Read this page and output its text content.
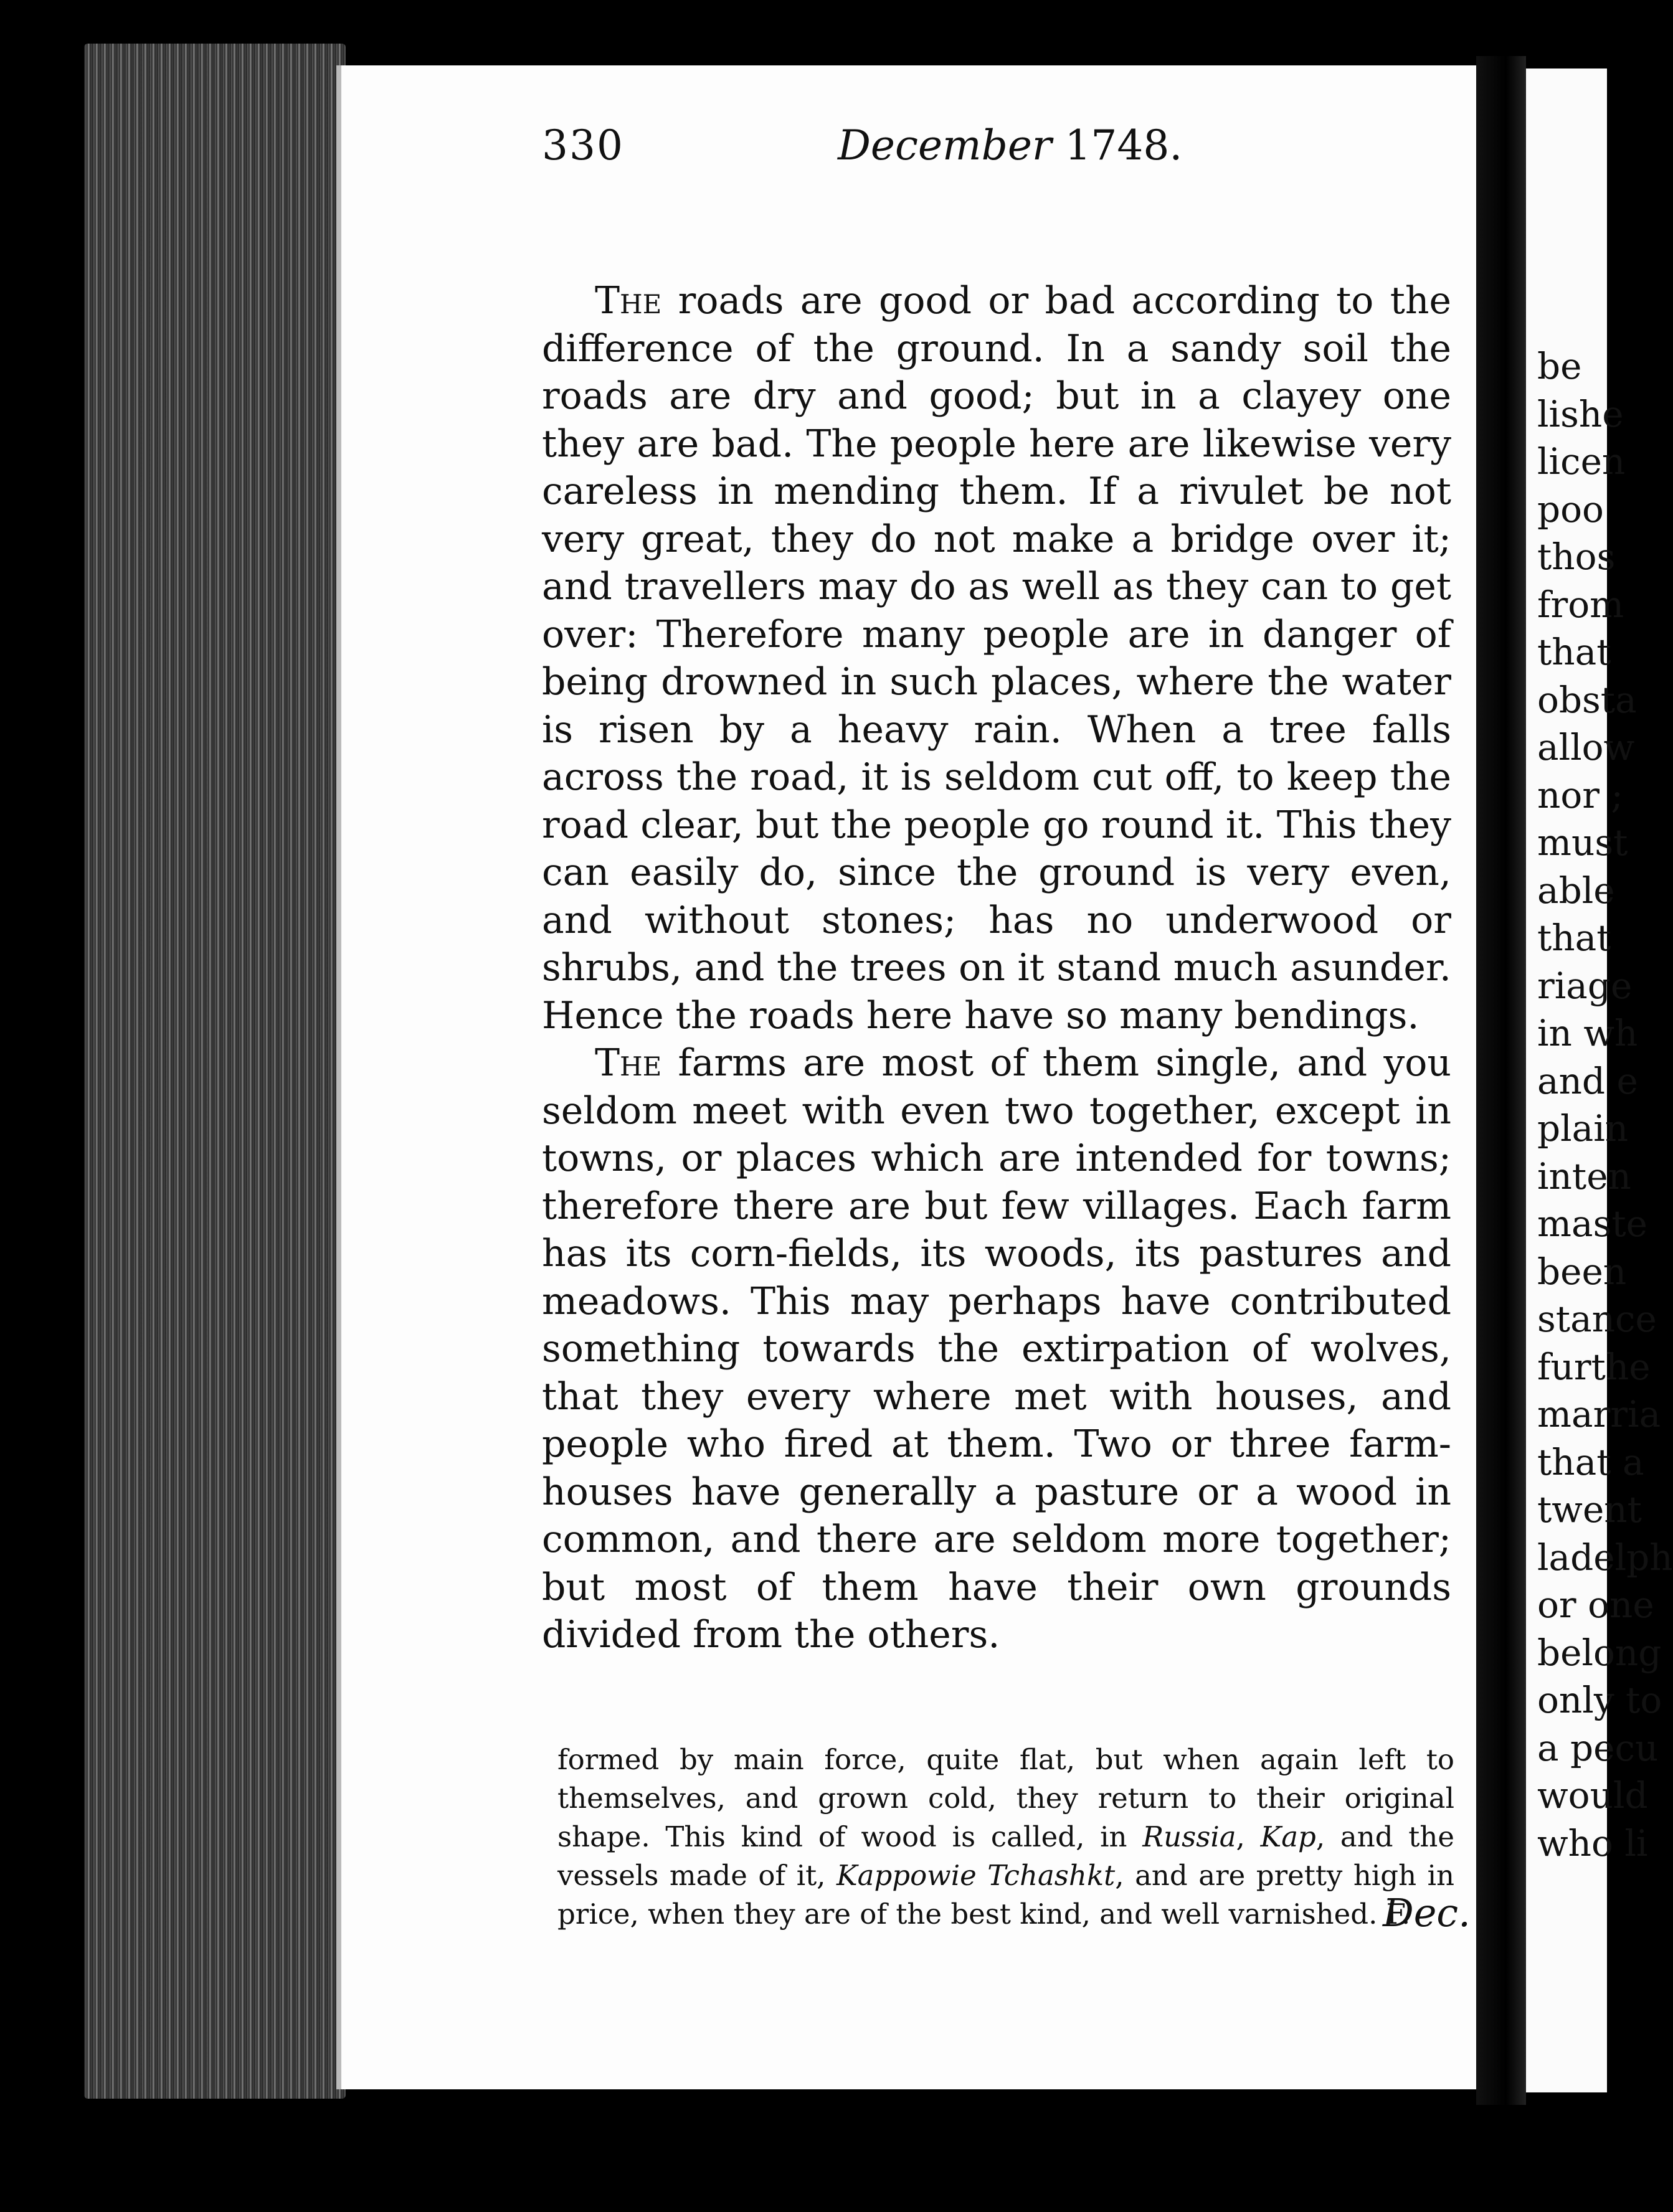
be
lishe
licen
poo
thos
from
that
obsta
allow
nor ;
must
able
that
riage
in wh
and e
plain
inten
maste
been
stance
furthe
marria
that a
twent
ladelph
or one
belong
only to
a pecu
would
who li
330	December 1748.

The roads are good or bad according to the difference of the ground. In a sandy soil the roads are dry and good; but in a clayey one they are bad. The people here are likewise very careless in mending them. If a rivulet be not very great, they do not make a bridge over it; and travellers may do as well as they can to get over: Therefore many people are in danger of being drowned in such places, where the water is risen by a heavy rain. When a tree falls across the road, it is seldom cut off, to keep the road clear, but the people go round it. This they can easily do, since the ground is very even, and without stones; has no underwood or shrubs, and the trees on it stand much asunder. Hence the roads here have so many bendings.

The farms are most of them single, and you seldom meet with even two together, except in towns, or places which are intended for towns; therefore there are but few villages. Each farm has its corn-fields, its woods, its pastures and meadows. This may perhaps have contributed something towards the extirpation of wolves, that they every where met with houses, and people who fired at them. Two or three farm-houses have generally a pasture or a wood in common, and there are seldom more together; but most of them have their own grounds divided from the others.

formed by main force, quite flat, but when again left to themselves, and grown cold, they return to their original shape. This kind of wood is called, in Russia, Kap, and the vessels made of it, Kappowie Tchashkt, and are pretty high in price, when they are of the best kind, and well varnished. F.

Dec.
